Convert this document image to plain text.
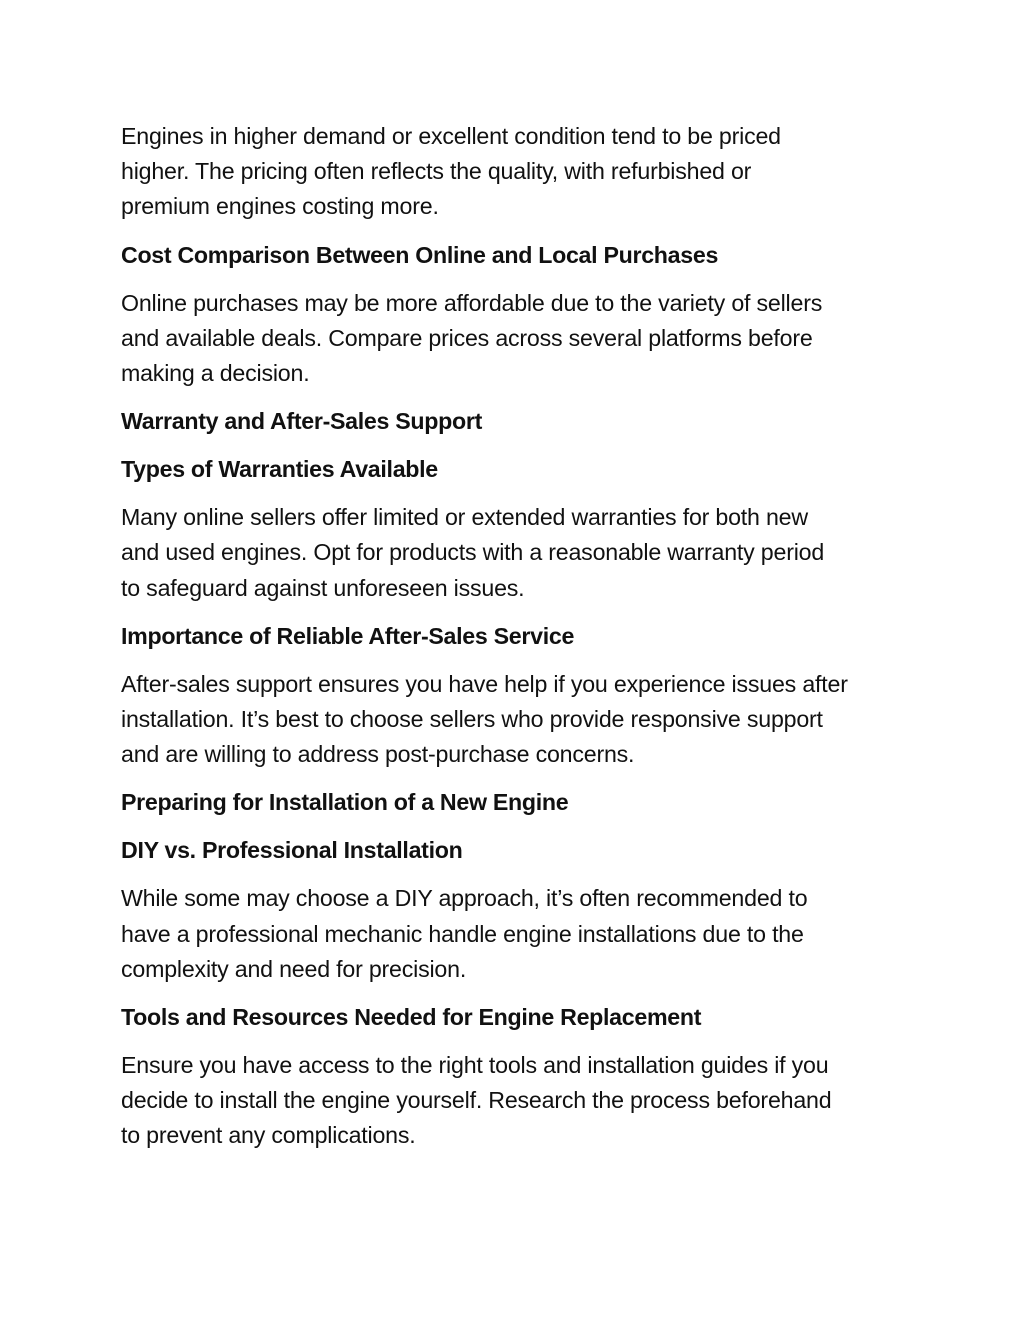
Engines in higher demand or excellent condition tend to be priced
higher. The pricing often reflects the quality, with refurbished or
premium engines costing more.

Cost Comparison Between Online and Local Purchases

Online purchases may be more affordable due to the variety of sellers
and available deals. Compare prices across several platforms before
making a decision.

Warranty and After-Sales Support
Types of Warranties Available

Many online sellers offer limited or extended warranties for both new
and used engines. Opt for products with a reasonable warranty period
to safeguard against unforeseen issues.

Importance of Reliable After-Sales Service

After-sales support ensures you have help if you experience issues after
installation. It’s best to choose sellers who provide responsive support
and are willing to address post-purchase concerns.

Preparing for Installation of a New Engine
DIY vs. Professional Installation

While some may choose a DIY approach, it’s often recommended to
have a professional mechanic handle engine installations due to the
complexity and need for precision.

Tools and Resources Needed for Engine Replacement

Ensure you have access to the right tools and installation guides if you
decide to install the engine yourself. Research the process beforehand
to prevent any complications.
